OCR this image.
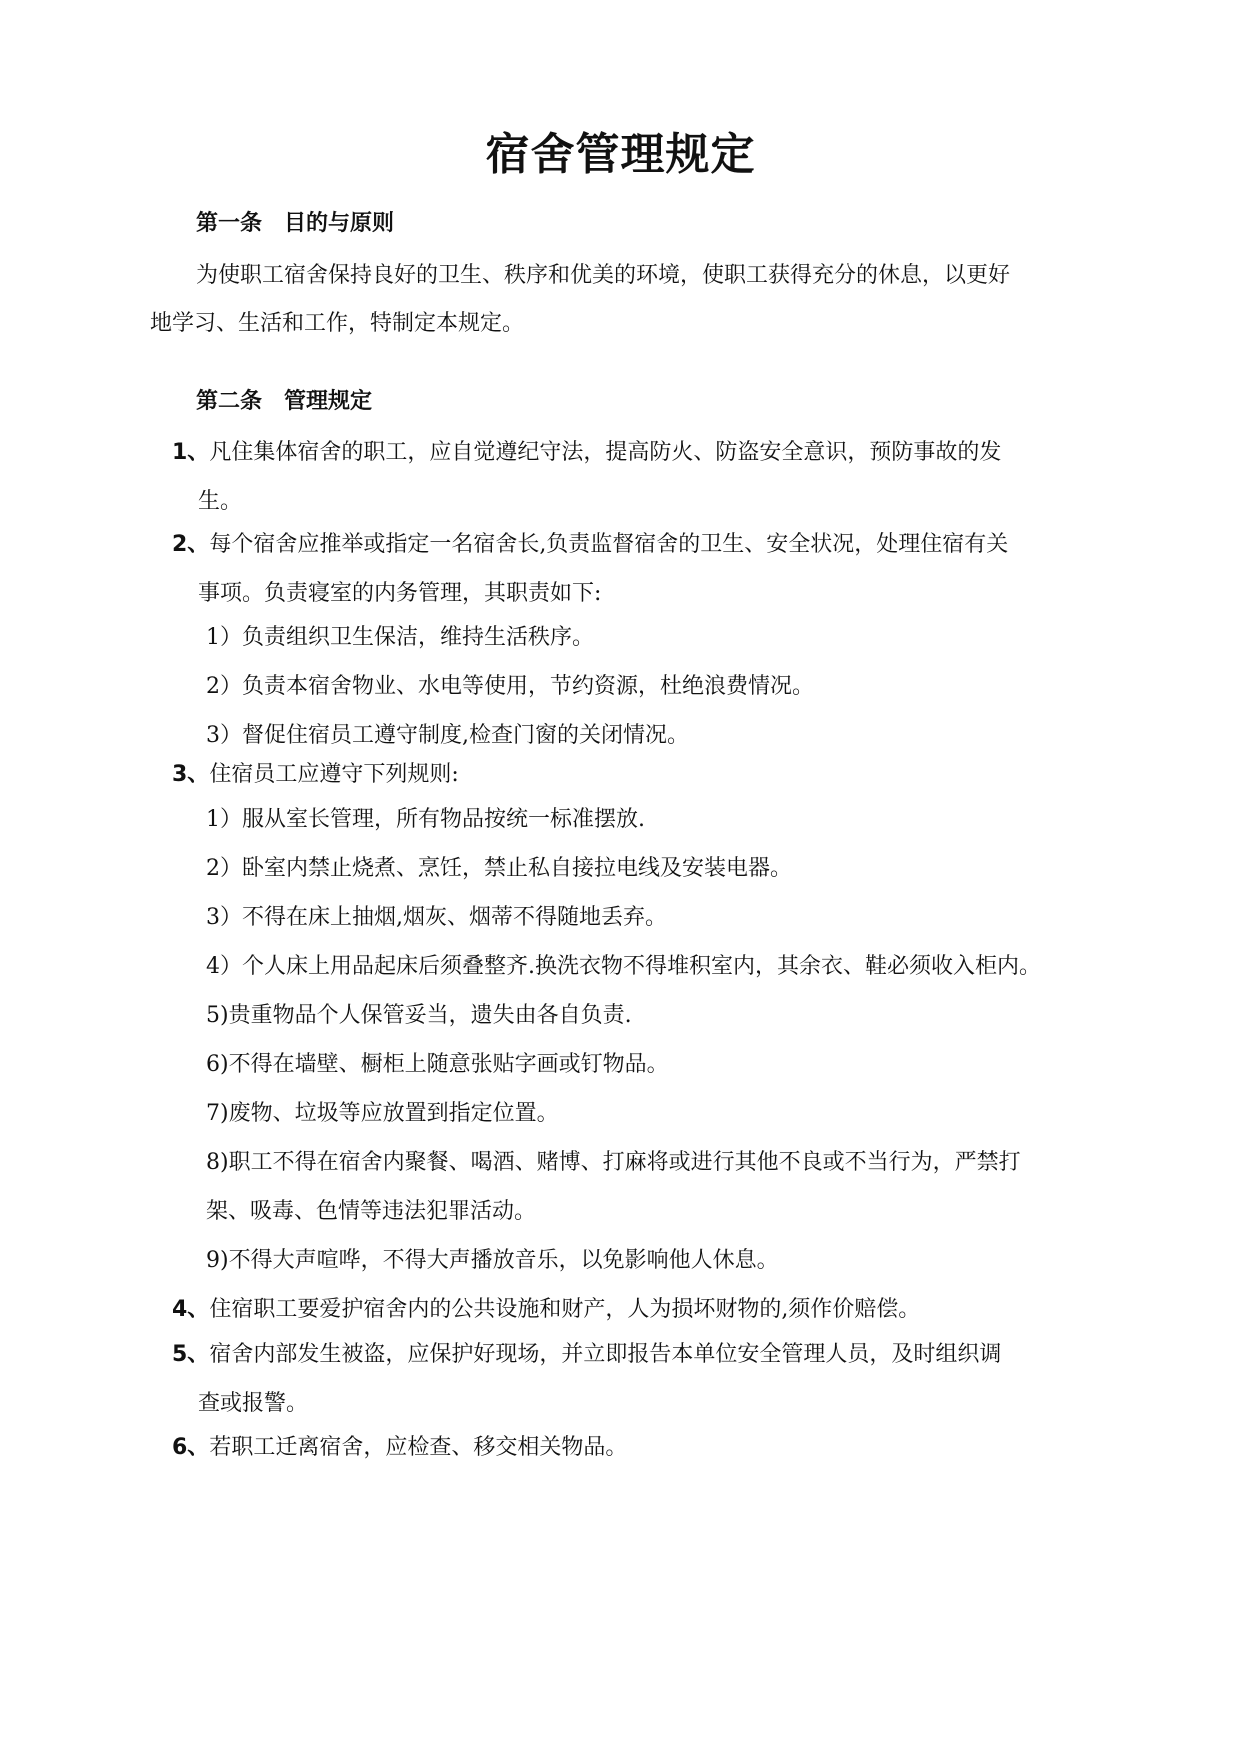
宿舍管理规定
第一条　目的与原则
为使职工宿舍保持良好的卫生、秩序和优美的环境，使职工获得充分的休息，以更好
地学习、生活和工作，特制定本规定。
第二条　管理规定
1、凡住集体宿舍的职工，应自觉遵纪守法，提高防火、防盗安全意识，预防事故的发
生。
2、每个宿舍应推举或指定一名宿舍长,负责监督宿舍的卫生、安全状况，处理住宿有关
事项。负责寝室的内务管理，其职责如下:
1）负责组织卫生保洁，维持生活秩序。
2）负责本宿舍物业、水电等使用，节约资源，杜绝浪费情况。
3）督促住宿员工遵守制度,检查门窗的关闭情况。
3、住宿员工应遵守下列规则:
1）服从室长管理，所有物品按统一标准摆放.
2）卧室内禁止烧煮、烹饪，禁止私自接拉电线及安装电器。
3）不得在床上抽烟,烟灰、烟蒂不得随地丢弃。
4）个人床上用品起床后须叠整齐.换洗衣物不得堆积室内，其余衣、鞋必须收入柜内。
5)贵重物品个人保管妥当，遗失由各自负责.
6)不得在墙壁、橱柜上随意张贴字画或钉物品。
7)废物、垃圾等应放置到指定位置。
8)职工不得在宿舍内聚餐、喝酒、赌博、打麻将或进行其他不良或不当行为，严禁打
架、吸毒、色情等违法犯罪活动。
9)不得大声喧哗，不得大声播放音乐，以免影响他人休息。
4、住宿职工要爱护宿舍内的公共设施和财产，人为损坏财物的,须作价赔偿。
5、宿舍内部发生被盗，应保护好现场，并立即报告本单位安全管理人员，及时组织调
查或报警。
6、若职工迁离宿舍，应检查、移交相关物品。
